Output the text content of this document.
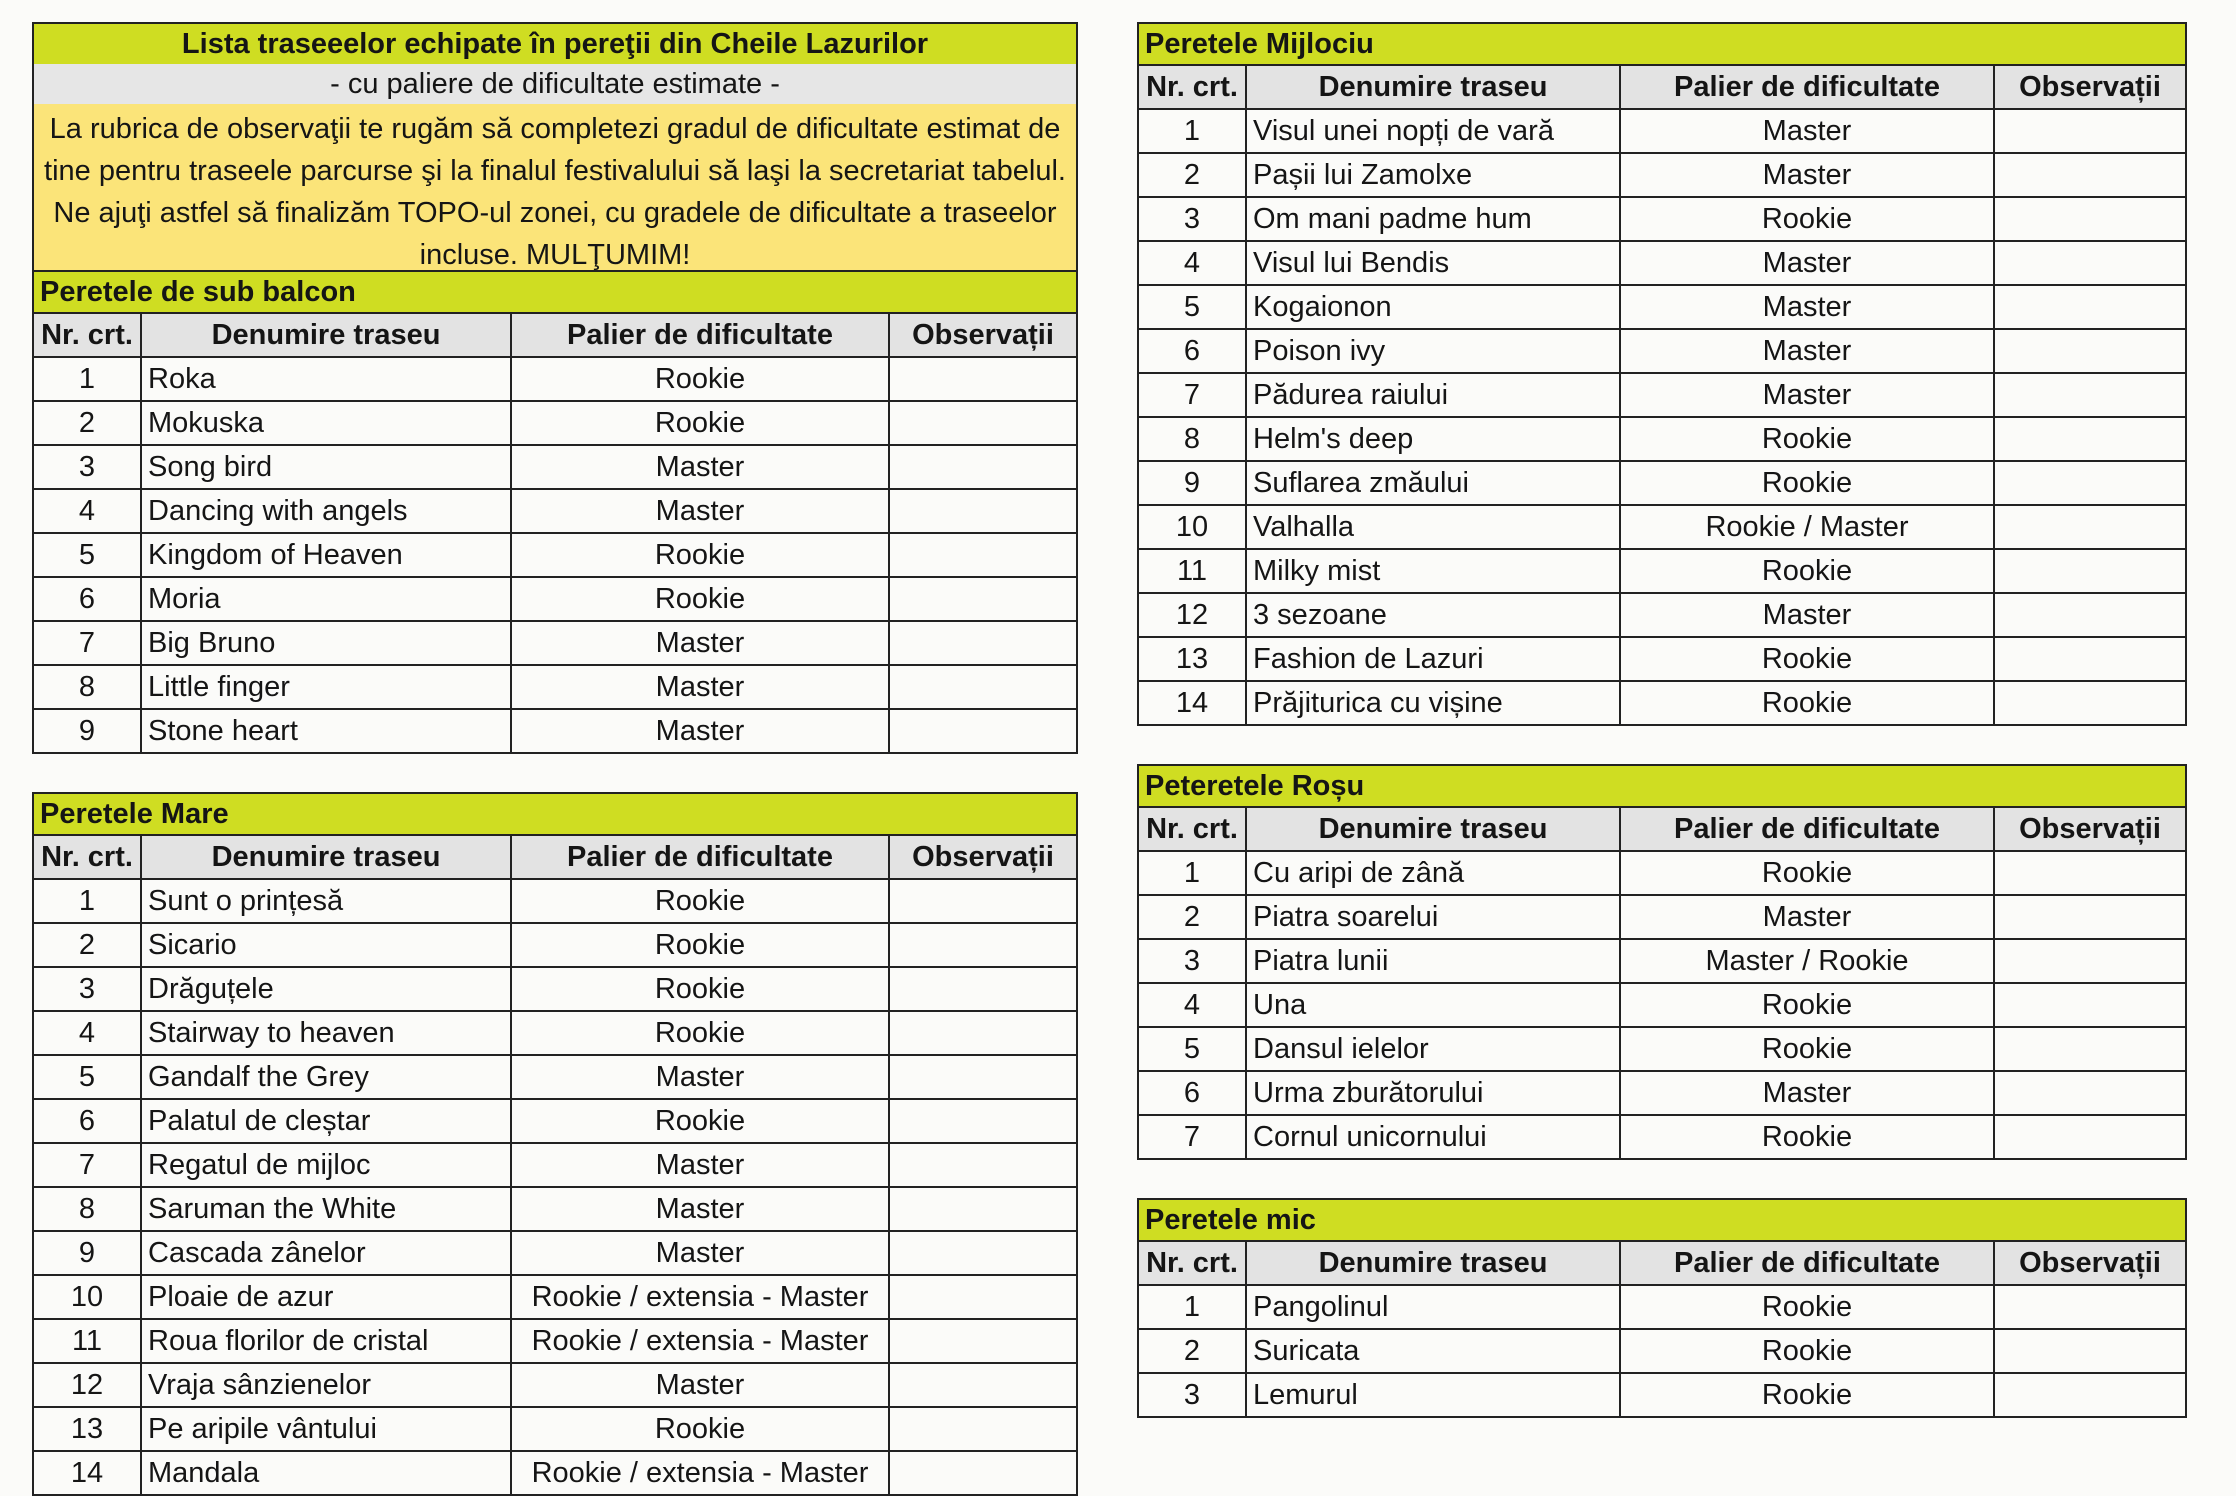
Lista traseeelor echipate în pereţii din Cheile Lazurilor
- cu paliere de dificultate estimate -
La rubrica de observaţii te rugăm să completezi gradul de dificultate estimat de tine pentru traseele parcurse şi la finalul festivalului să laşi la secretariat tabelul. Ne ajuţi astfel să finalizăm TOPO-ul zonei, cu gradele de dificultate a traseelor incluse. MULŢUMIM!
Peretele de sub balcon
Nr. crt.	Denumire traseu	Palier de dificultate	Observații
1	Roka	Rookie	
2	Mokuska	Rookie	
3	Song bird	Master	
4	Dancing with angels	Master	
5	Kingdom of Heaven	Rookie	
6	Moria	Rookie	
7	Big Bruno	Master	
8	Little finger	Master	
9	Stone heart	Master	
Peretele Mare
Nr. crt.	Denumire traseu	Palier de dificultate	Observații
1	Sunt o prințesă	Rookie	
2	Sicario	Rookie	
3	Drăguțele	Rookie	
4	Stairway to heaven	Rookie	
5	Gandalf the Grey	Master	
6	Palatul de cleștar	Rookie	
7	Regatul de mijloc	Master	
8	Saruman the White	Master	
9	Cascada zânelor	Master	
10	Ploaie de azur	Rookie / extensia - Master	
11	Roua florilor de cristal	Rookie / extensia - Master	
12	Vraja sânzienelor	Master	
13	Pe aripile vântului	Rookie	
14	Mandala	Rookie / extensia - Master	
Peretele Mijlociu
Nr. crt.	Denumire traseu	Palier de dificultate	Observații
1	Visul unei nopți de vară	Master	
2	Pașii lui Zamolxe	Master	
3	Om mani padme hum	Rookie	
4	Visul lui Bendis	Master	
5	Kogaionon	Master	
6	Poison ivy	Master	
7	Pădurea raiului	Master	
8	Helm's deep	Rookie	
9	Suflarea zmăului	Rookie	
10	Valhalla	Rookie / Master	
11	Milky mist	Rookie	
12	3 sezoane	Master	
13	Fashion de Lazuri	Rookie	
14	Prăjiturica cu vișine	Rookie	
Peteretele Roșu
Nr. crt.	Denumire traseu	Palier de dificultate	Observații
1	Cu aripi de zână	Rookie	
2	Piatra soarelui	Master	
3	Piatra lunii	Master / Rookie	
4	Una	Rookie	
5	Dansul ielelor	Rookie	
6	Urma zburătorului	Master	
7	Cornul unicornului	Rookie	
Peretele mic
Nr. crt.	Denumire traseu	Palier de dificultate	Observații
1	Pangolinul	Rookie	
2	Suricata	Rookie	
3	Lemurul	Rookie	
